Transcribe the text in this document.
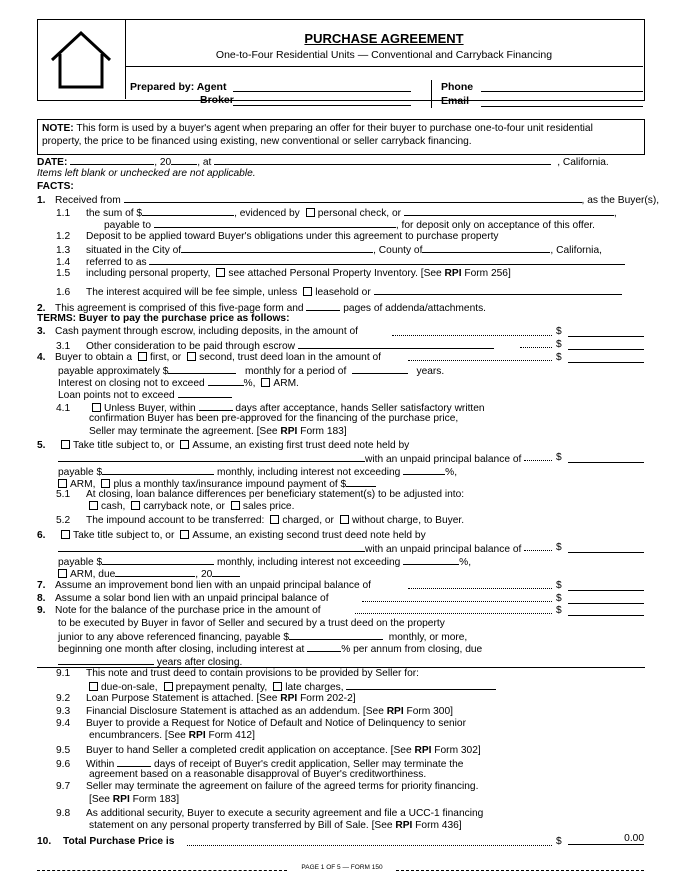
PURCHASE AGREEMENT
One-to-Four Residential Units — Conventional and Carryback Financing
Prepared by: Agent
Broker
Phone
Email
NOTE: This form is used by a buyer's agent when preparing an offer for their buyer to purchase one-to-four unit residential
property, the price to be financed using existing, new conventional or seller carryback financing.
DATE:	, 20	, at	, California.
Items left blank or unchecked are not applicable.
FACTS:
1. Received from	, as the Buyer(s),
1.1 the sum of $	, evidenced by personal check, or	,
payable to	, for deposit only on acceptance of this offer.
1.2 Deposit to be applied toward Buyer's obligations under this agreement to purchase property
1.3 situated in the City of	, County of	, California,
1.4 referred to as
1.5 including personal property, see attached Personal Property Inventory. [See RPI Form 256]
1.6 The interest acquired will be fee simple, unless leasehold or
2. This agreement is comprised of this five-page form and	pages of addenda/attachments.
TERMS: Buyer to pay the purchase price as follows:
3. Cash payment through escrow, including deposits, in the amount of	$
3.1 Other consideration to be paid through escrow	$
4. Buyer to obtain a first, or second, trust deed loan in the amount of	$
payable approximately $	monthly for a period of	years.
Interest on closing not to exceed	%, ARM.
Loan points not to exceed
4.1	Unless Buyer, within	days after acceptance, hands Seller satisfactory written
confirmation Buyer has been pre-approved for the financing of the purchase price,
Seller may terminate the agreement. [See RPI Form 183]
5.	Take title subject to, or Assume, an existing first trust deed note held by
with an unpaid principal balance of	$
payable $	monthly, including interest not exceeding	%,
ARM, plus a monthly tax/insurance impound payment of $
5.1 At closing, loan balance differences per beneficiary statement(s) to be adjusted into:
cash, carryback note, or sales price.
5.2 The impound account to be transferred: charged, or without charge, to Buyer.
6.	Take title subject to, or Assume, an existing second trust deed note held by
with an unpaid principal balance of	$
payable $	monthly, including interest not exceeding	%,
ARM, due	, 20
7. Assume an improvement bond lien with an unpaid principal balance of	$
8. Assume a solar bond lien with an unpaid principal balance of	$
9. Note for the balance of the purchase price in the amount of	$
to be executed by Buyer in favor of Seller and secured by a trust deed on the property
junior to any above referenced financing, payable $	monthly, or more,
beginning one month after closing, including interest at	% per annum from closing, due
years after closing.
9.1 This note and trust deed to contain provisions to be provided by Seller for:
due-on-sale, prepayment penalty, late charges,
9.2 Loan Purpose Statement is attached. [See RPI Form 202-2]
9.3 Financial Disclosure Statement is attached as an addendum. [See RPI Form 300]
9.4 Buyer to provide a Request for Notice of Default and Notice of Delinquency to senior
encumbrancers. [See RPI Form 412]
9.5 Buyer to hand Seller a completed credit application on acceptance. [See RPI Form 302]
9.6 Within	days of receipt of Buyer's credit application, Seller may terminate the
agreement based on a reasonable disapproval of Buyer's creditworthiness.
9.7 Seller may terminate the agreement on failure of the agreed terms for priority financing.
[See RPI Form 183]
9.8 As additional security, Buyer to execute a security agreement and file a UCC-1 financing
statement on any personal property transferred by Bill of Sale. [See RPI Form 436]
10. Total Purchase Price is	$	0.00
PAGE 1 OF 5 — FORM 150
